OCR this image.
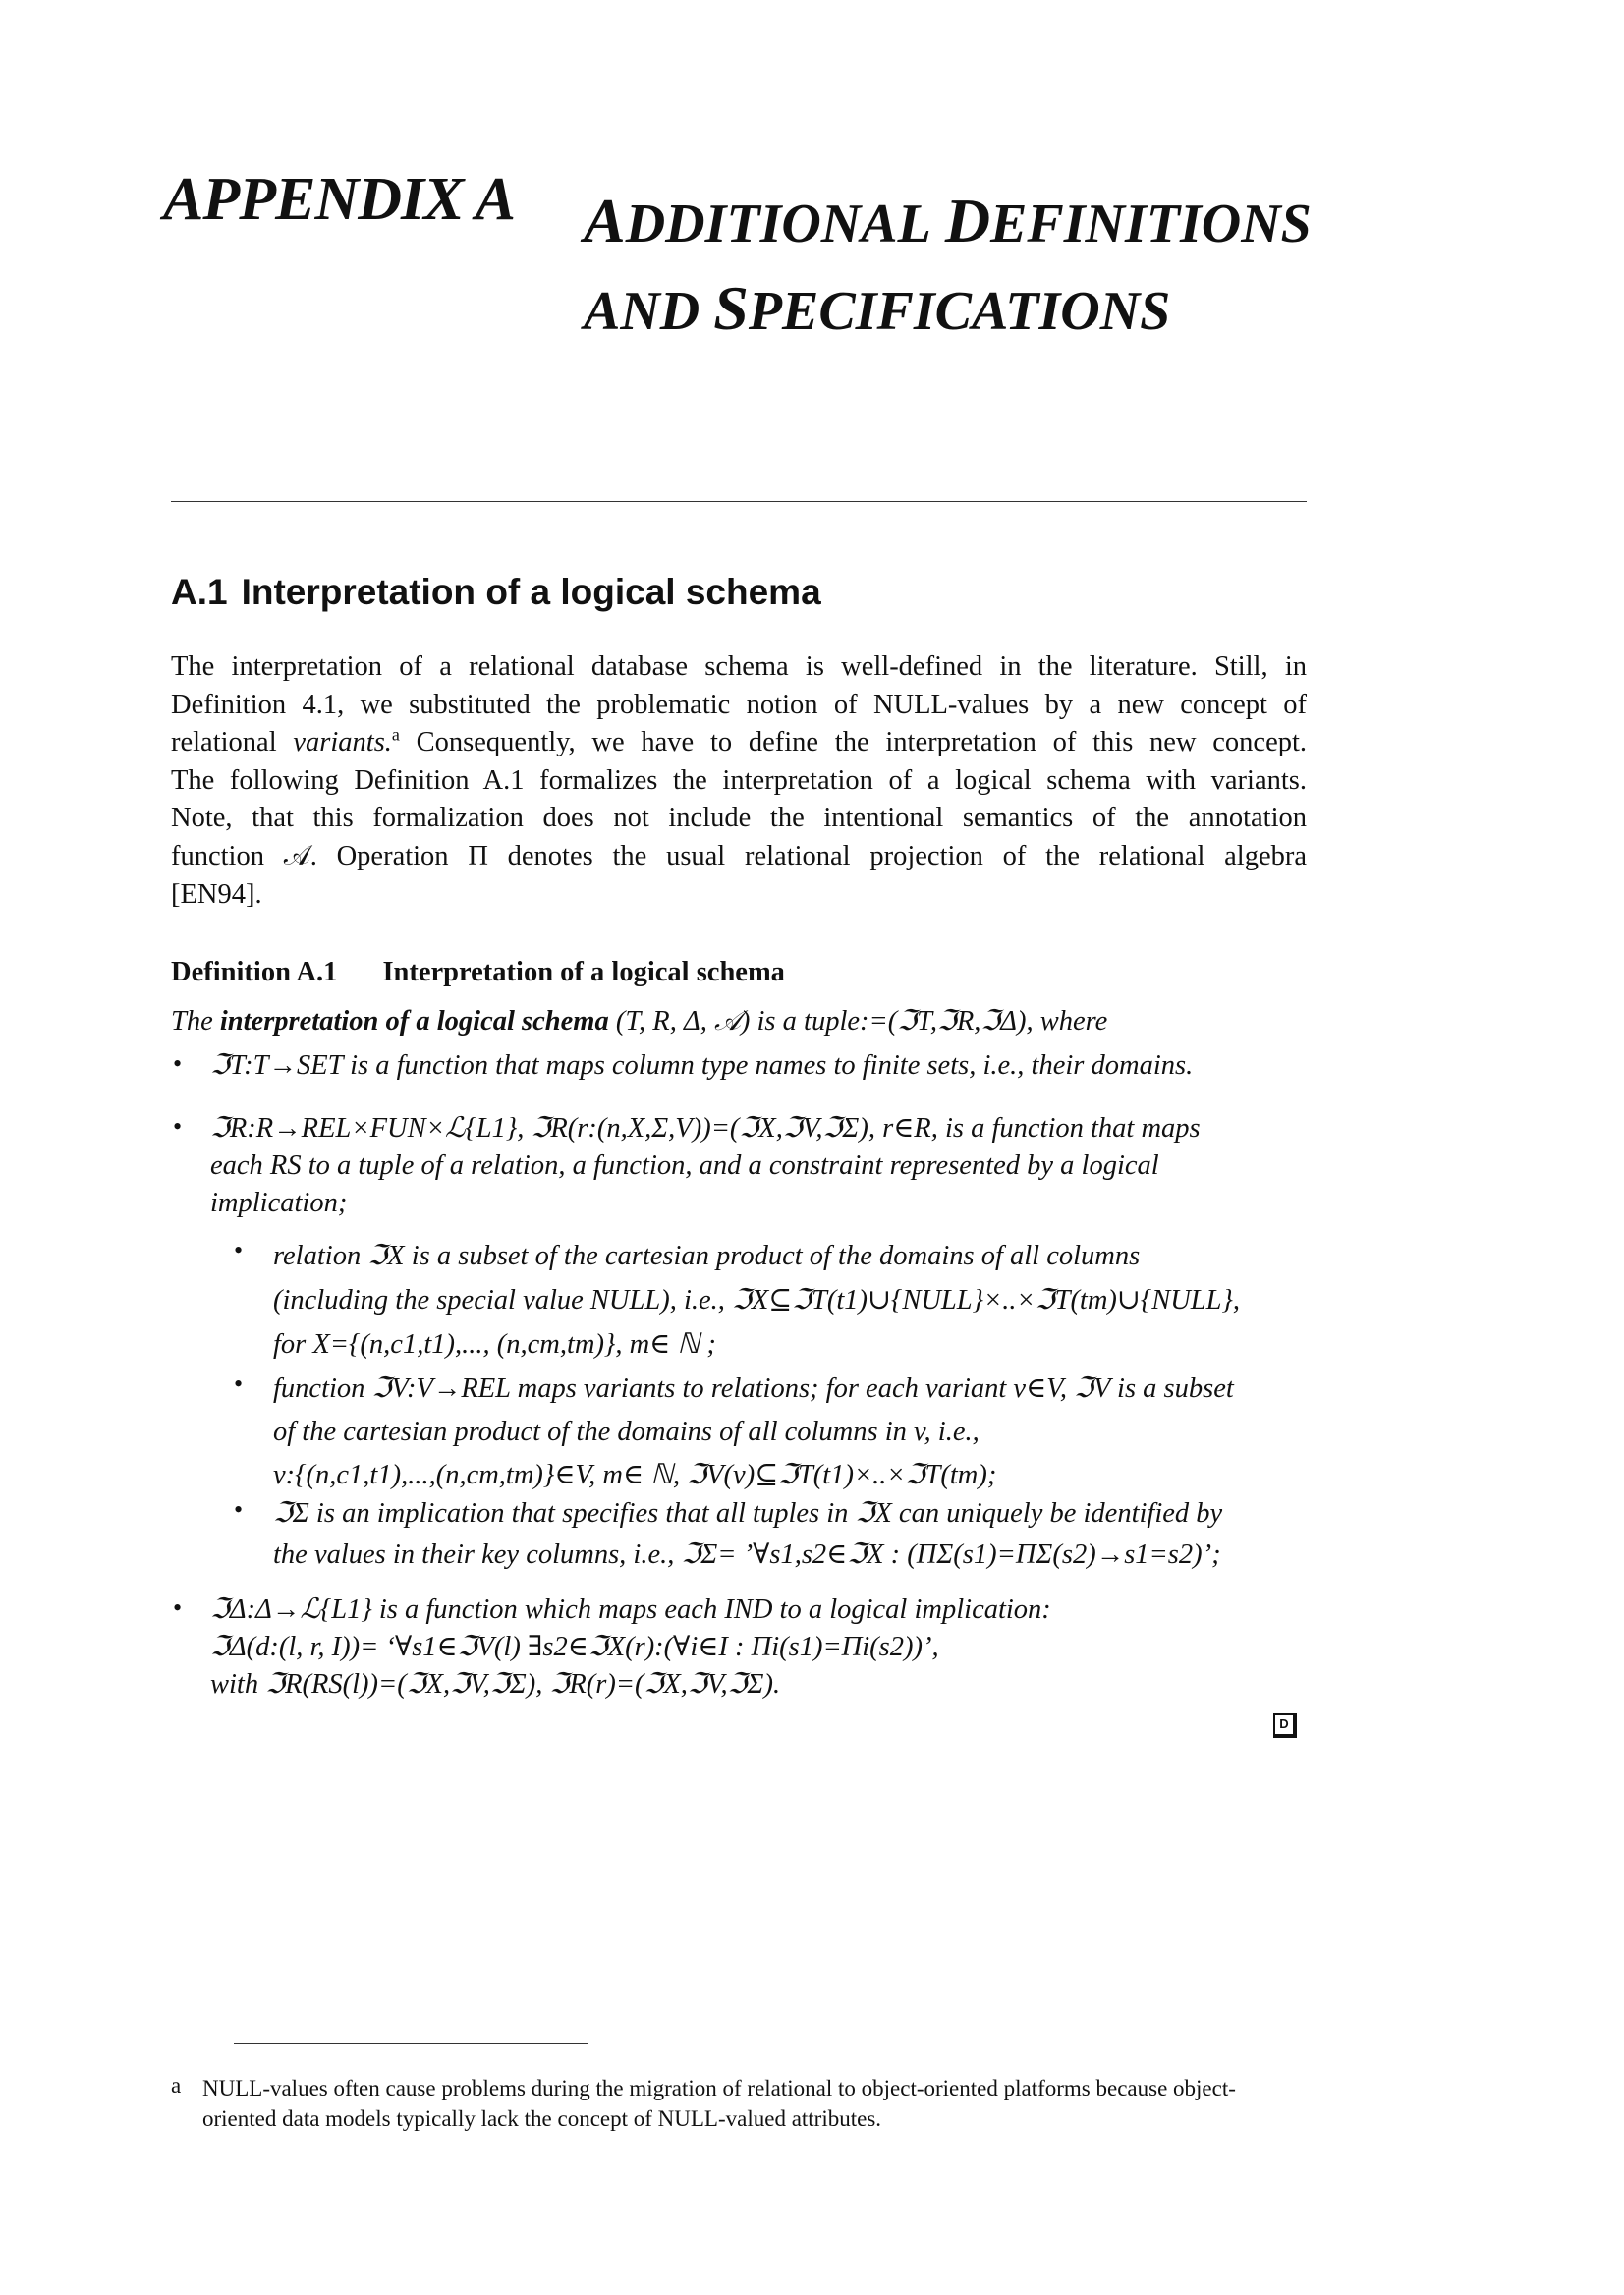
APPENDIX A ADDITIONAL DEFINITIONS
AND SPECIFICATIONS
A.1 Interpretation of a logical schema
The interpretation of a relational database schema is well-defined in the literature. Still, in
Definition 4.1, we substituted the problematic notion of NULL-values by a new concept of
relational variants.$^a$ Consequently, we have to define the interpretation of this new concept.
The following Definition A.1 formalizes the interpretation of a logical schema with variants.
Note, that this formalization does not include the intentional semantics of the annotation
function 𝒜. Operation Π denotes the usual relational projection of the relational algebra
[EN94].
Definition A.1 Interpretation of a logical schema
The interpretation of a logical schema (T, R, Δ, 𝒜) is a tuple:=(ℑT,ℑR,ℑΔ), where
• ℑT:T→SET is a function that maps column type names to finite sets, i.e., their domains.
• ℑR:R→REL×FUN×ℒ{L1}, ℑR(r:(n,X,Σ,V))=(ℑX,ℑV,ℑΣ), r∈R, is a function that maps
each RS to a tuple of a relation, a function, and a constraint represented by a logical
implication;
• relation ℑX is a subset of the cartesian product of the domains of all columns
(including the special value NULL), i.e., ℑX⊆ℑT(t1)∪{NULL}×..×ℑT(tm)∪{NULL},
for X={(n,c1,t1),..., (n,cm,tm)}, m∈ ℕ ;
• function ℑV:V→REL maps variants to relations; for each variant v∈V, ℑV is a subset
of the cartesian product of the domains of all columns in v, i.e.,
v:{(n,c1,t1),...,(n,cm,tm)}∈V, m∈ ℕ, ℑV(v)⊆ℑT(t1)×..×ℑT(tm);
• ℑΣ is an implication that specifies that all tuples in ℑX can uniquely be identified by
the values in their key columns, i.e., ℑΣ= ’∀s1,s2∈ℑX : (ΠΣ(s1)=ΠΣ(s2)→s1=s2)’;
• ℑΔ:Δ→ℒ{L1} is a function which maps each IND to a logical implication:
ℑΔ(d:(l, r, I))= ‘∀s1∈ℑV(l) ∃s2∈ℑX(r):(∀i∈I : Πi(s1)=Πi(s2))’,
with ℑR(RS(l))=(ℑX,ℑV,ℑΣ), ℑR(r)=(ℑX,ℑV,ℑΣ).
D
a NULL-values often cause problems during the migration of relational to object-oriented platforms because object-oriented data models typically lack the concept of NULL-valued attributes.
